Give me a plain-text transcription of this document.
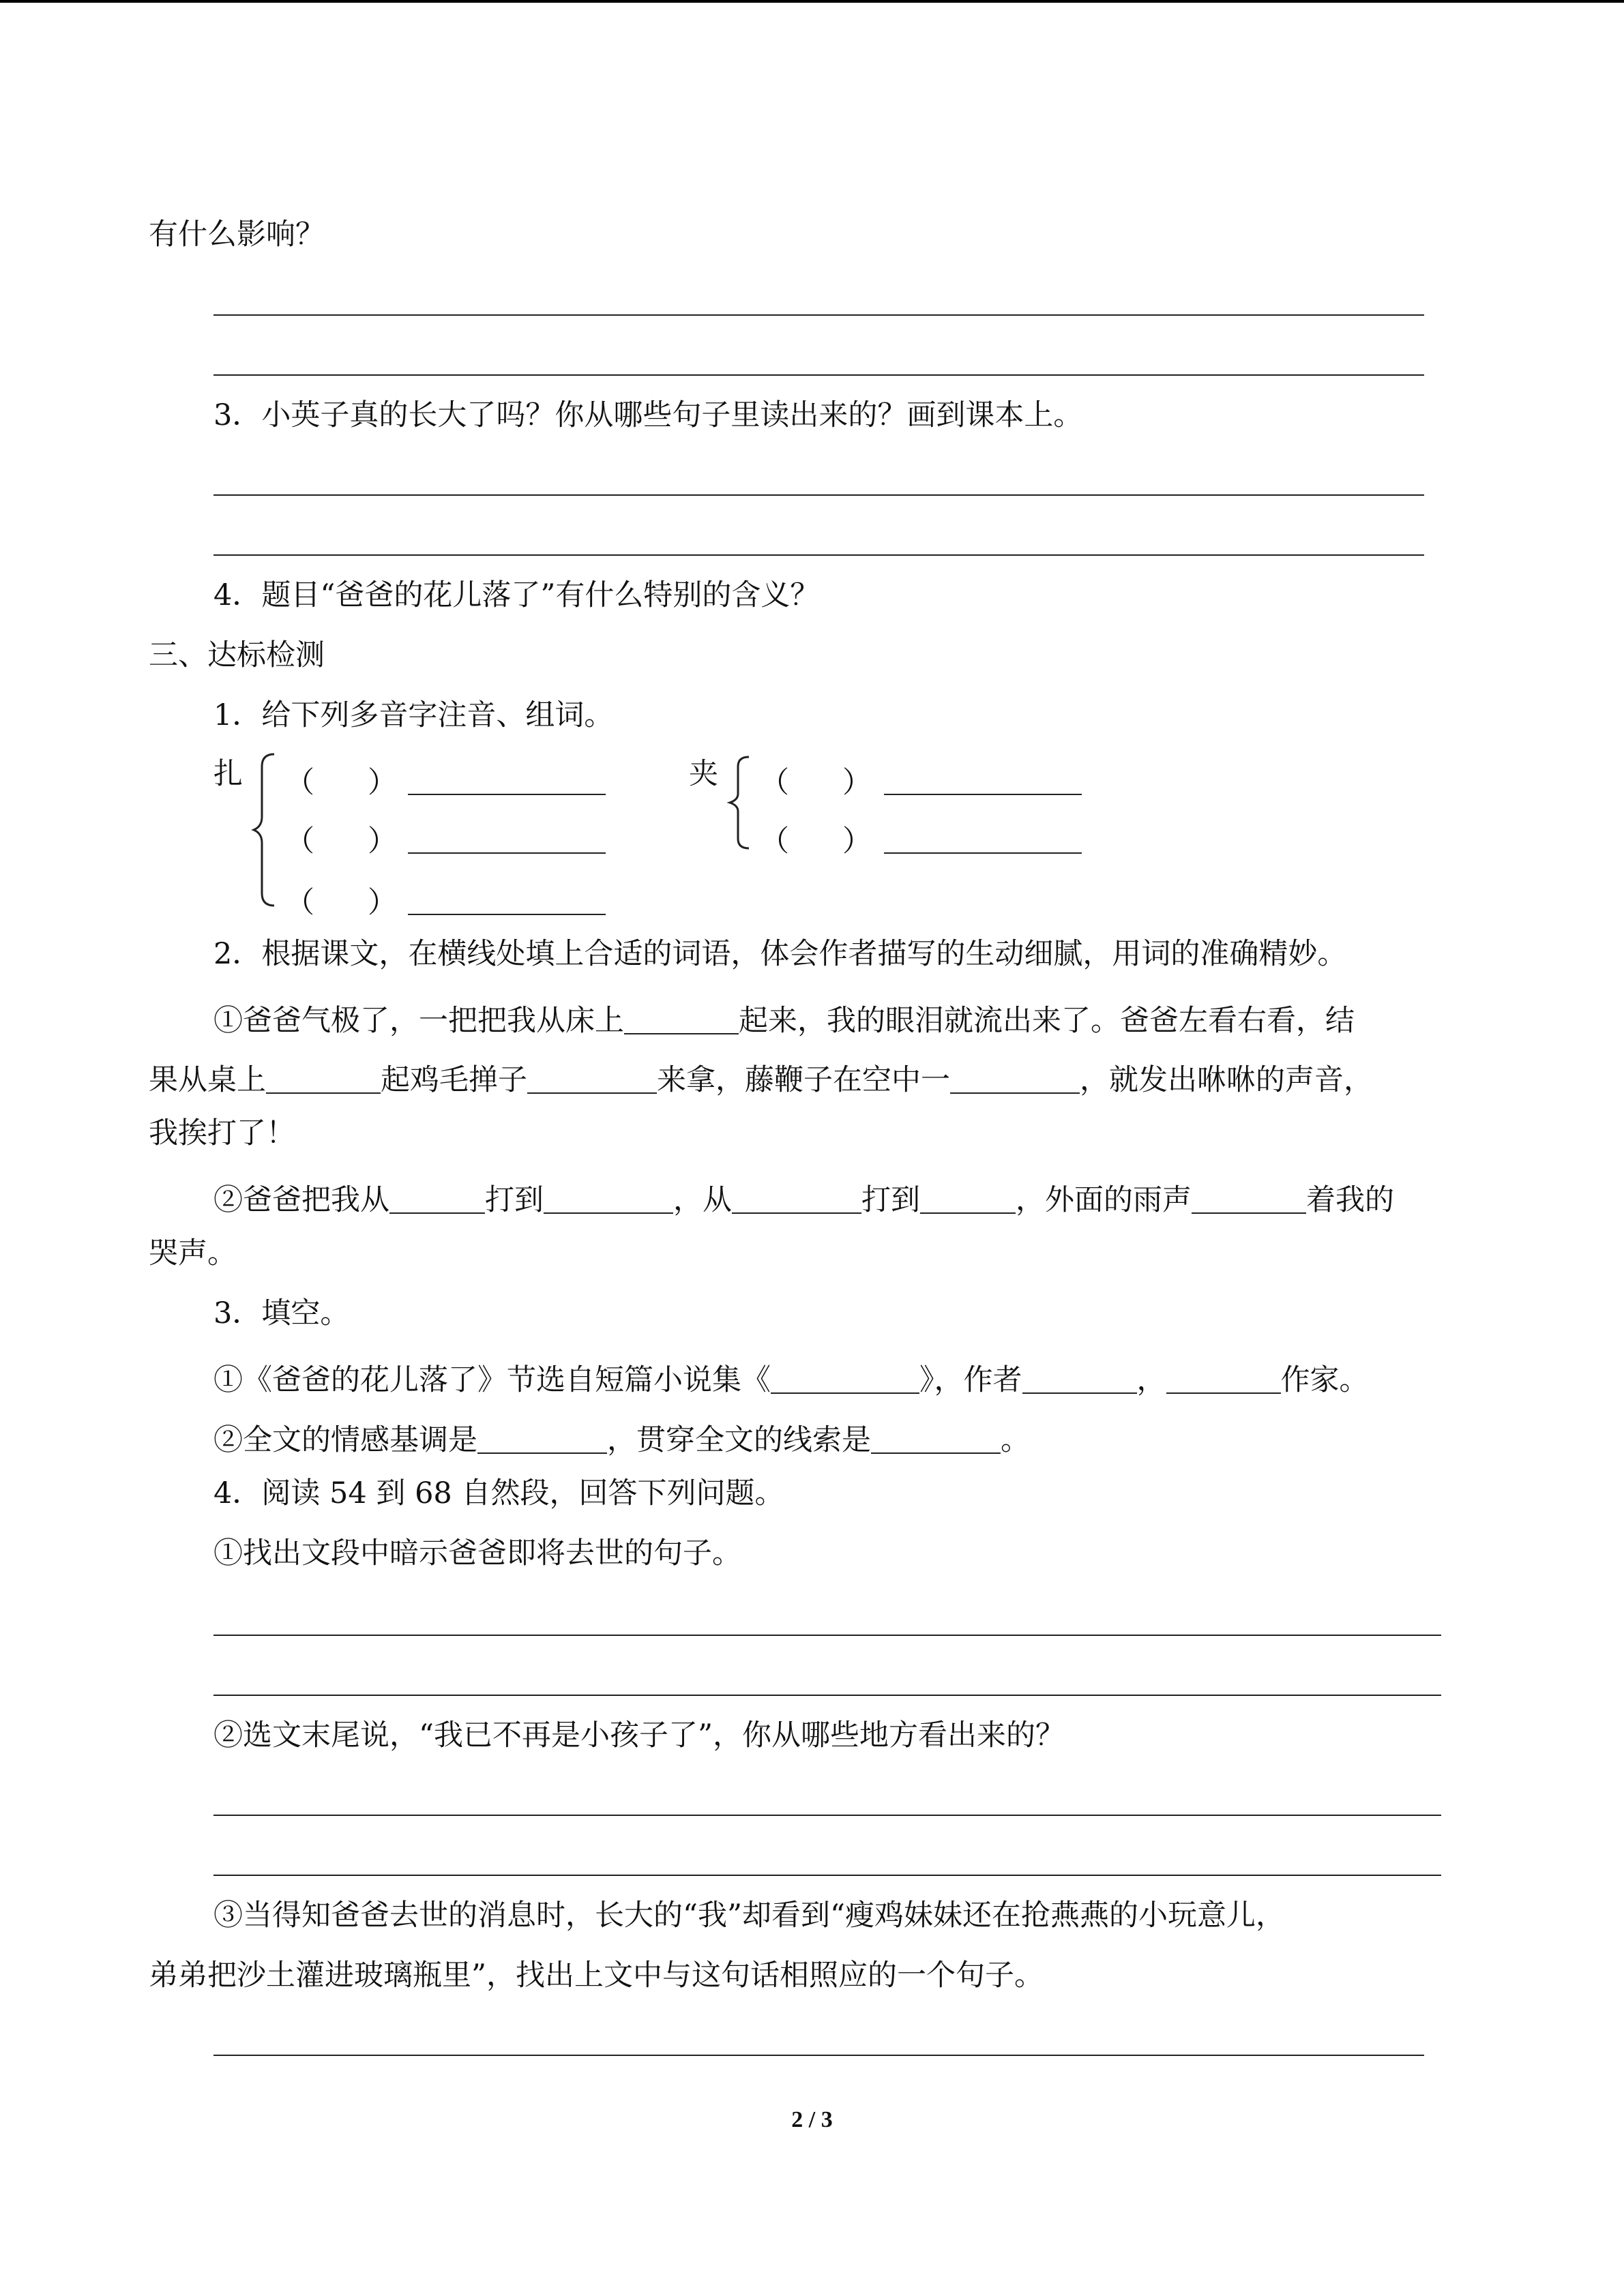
有什么影响？
3．小英子真的长大了吗？你从哪些句子里读出来的？画到课本上。
4．题目“爸爸的花儿落了”有什么特别的含义？
三、达标检测
1．给下列多音字注音、组词。
扎 （ ）
（ ）
（ ）
夹 （ ）
（ ）
2．根据课文，在横线处填上合适的词语，体会作者描写的生动细腻，用词的准确精妙。
①爸爸气极了，一把把我从床上	起来，我的眼泪就流出来了。爸爸左看右看，结
果从桌上	起鸡毛掸子	来拿，藤鞭子在空中一	，就发出咻咻的声音，
我挨打了！
②爸爸把我从	打到	，从	打到	，外面的雨声	着我的
哭声。
3．填空。
①《爸爸的花儿落了》节选自短篇小说集《	》，作者	，	作家。
②全文的情感基调是	，贯穿全文的线索是	。
4．阅读 54 到 68 自然段，回答下列问题。
①找出文段中暗示爸爸即将去世的句子。
②选文末尾说，“我已不再是小孩子了”，你从哪些地方看出来的？
③当得知爸爸去世的消息时，长大的“我”却看到“瘦鸡妹妹还在抢燕燕的小玩意儿，
弟弟把沙土灌进玻璃瓶里”，找出上文中与这句话相照应的一个句子。
2 / 3
